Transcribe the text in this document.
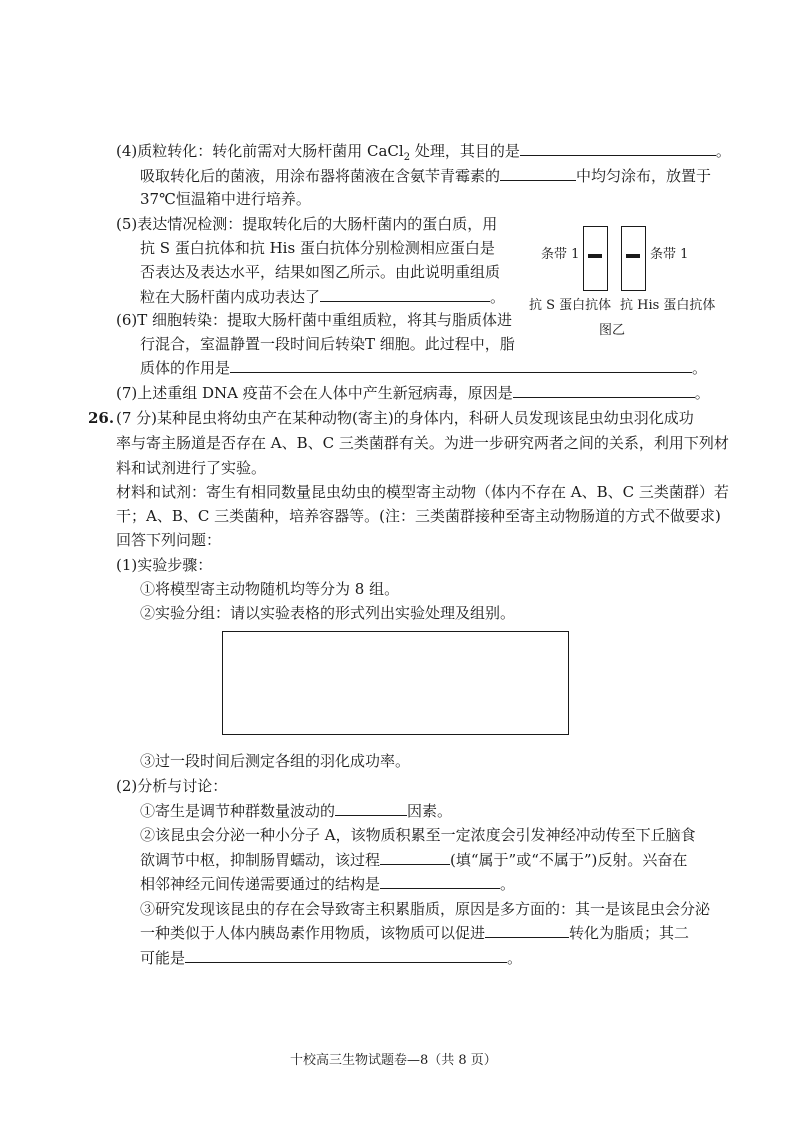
(4)质粒转化：转化前需对大肠杆菌用 CaCl$_2$ 处理，其目的是	。
吸取转化后的菌液，用涂布器将菌液在含氨苄青霉素的	中均匀涂布，放置于
37℃恒温箱中进行培养。
(5)表达情况检测：提取转化后的大肠杆菌内的蛋白质，用
抗 S 蛋白抗体和抗 His 蛋白抗体分别检测相应蛋白是
否表达及表达水平，结果如图乙所示。由此说明重组质
粒在大肠杆菌内成功表达了	。
条带 1	条带 1
抗 S 蛋白抗体 抗 His 蛋白抗体
图乙
(6)T 细胞转染：提取大肠杆菌中重组质粒，将其与脂质体进
行混合，室温静置一段时间后转染T 细胞。此过程中，脂
质体的作用是	。
(7)上述重组 DNA 疫苗不会在人体中产生新冠病毒，原因是	。
26. (7 分)某种昆虫将幼虫产在某种动物(寄主)的身体内，科研人员发现该昆虫幼虫羽化成功
率与寄主肠道是否存在 A、B、C 三类菌群有关。为进一步研究两者之间的关系，利用下列材
料和试剂进行了实验。
材料和试剂：寄生有相同数量昆虫幼虫的模型寄主动物（体内不存在 A、B、C 三类菌群）若
干；A、B、C 三类菌种，培养容器等。(注：三类菌群接种至寄主动物肠道的方式不做要求)
回答下列问题：
(1)实验步骤：
①将模型寄主动物随机均等分为 8 组。
②实验分组：请以实验表格的形式列出实验处理及组别。
③过一段时间后测定各组的羽化成功率。
(2)分析与讨论：
①寄生是调节种群数量波动的	因素。
②该昆虫会分泌一种小分子 A，该物质积累至一定浓度会引发神经冲动传至下丘脑食
欲调节中枢，抑制肠胃蠕动，该过程	(填“属于”或“不属于”)反射。兴奋在
相邻神经元间传递需要通过的结构是	。
③研究发现该昆虫的存在会导致寄主积累脂质，原因是多方面的：其一是该昆虫会分泌
一种类似于人体内胰岛素作用物质，该物质可以促进	转化为脂质；其二
可能是	。
十校高三生物试题卷—8（共 8 页）
